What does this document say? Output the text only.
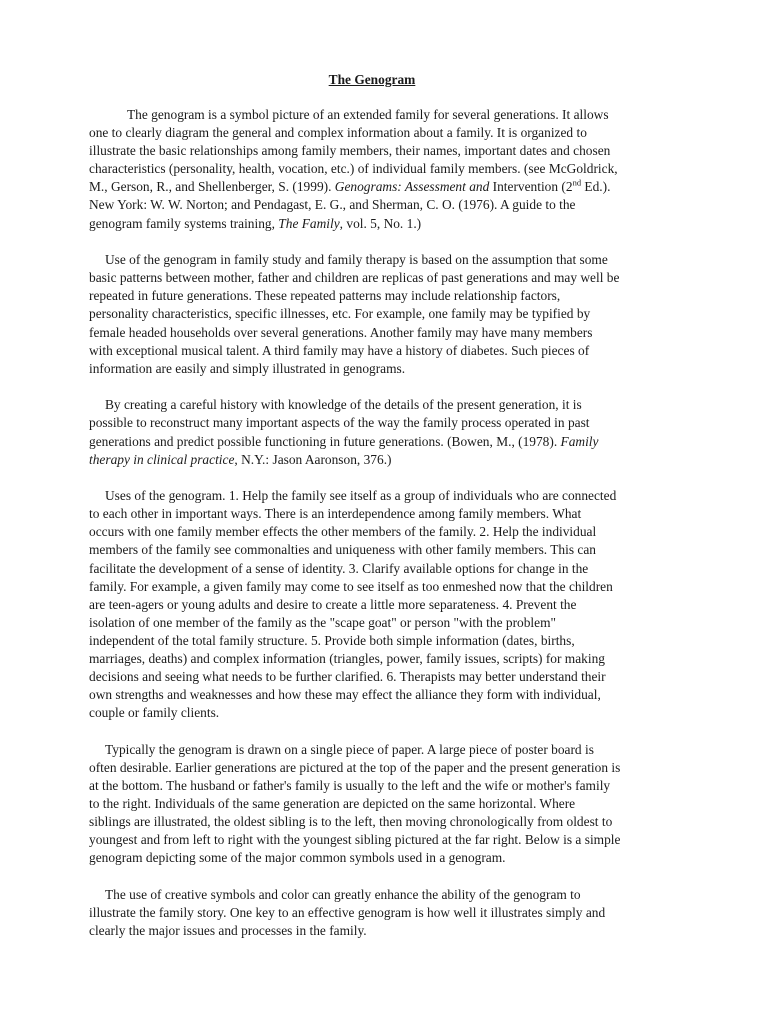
The Genogram
The genogram is a symbol picture of an extended family for several generations. It allows
one to clearly diagram the general and complex information about a family. It is organized to
illustrate the basic relationships among family members, their names, important dates and chosen
characteristics (personality, health, vocation, etc.) of individual family members. (see McGoldrick,
M., Gerson, R., and Shellenberger, S. (1999). Genograms: Assessment and Intervention (2nd Ed.).
New York: W. W. Norton; and Pendagast, E. G., and Sherman, C. O. (1976). A guide to the
genogram family systems training, The Family, vol. 5, No. 1.)
Use of the genogram in family study and family therapy is based on the assumption that some
basic patterns between mother, father and children are replicas of past generations and may well be
repeated in future generations. These repeated patterns may include relationship factors,
personality characteristics, specific illnesses, etc. For example, one family may be typified by
female headed households over several generations. Another family may have many members
with exceptional musical talent. A third family may have a history of diabetes. Such pieces of
information are easily and simply illustrated in genograms.
By creating a careful history with knowledge of the details of the present generation, it is
possible to reconstruct many important aspects of the way the family process operated in past
generations and predict possible functioning in future generations. (Bowen, M., (1978). Family
therapy in clinical practice, N.Y.: Jason Aaronson, 376.)
Uses of the genogram. 1. Help the family see itself as a group of individuals who are connected
to each other in important ways. There is an interdependence among family members. What
occurs with one family member effects the other members of the family. 2. Help the individual
members of the family see commonalties and uniqueness with other family members. This can
facilitate the development of a sense of identity. 3. Clarify available options for change in the
family. For example, a given family may come to see itself as too enmeshed now that the children
are teen-agers or young adults and desire to create a little more separateness. 4. Prevent the
isolation of one member of the family as the "scape goat" or person "with the problem"
independent of the total family structure. 5. Provide both simple information (dates, births,
marriages, deaths) and complex information (triangles, power, family issues, scripts) for making
decisions and seeing what needs to be further clarified. 6. Therapists may better understand their
own strengths and weaknesses and how these may effect the alliance they form with individual,
couple or family clients.
Typically the genogram is drawn on a single piece of paper. A large piece of poster board is
often desirable. Earlier generations are pictured at the top of the paper and the present generation is
at the bottom. The husband or father's family is usually to the left and the wife or mother's family
to the right. Individuals of the same generation are depicted on the same horizontal. Where
siblings are illustrated, the oldest sibling is to the left, then moving chronologically from oldest to
youngest and from left to right with the youngest sibling pictured at the far right. Below is a simple
genogram depicting some of the major common symbols used in a genogram.
The use of creative symbols and color can greatly enhance the ability of the genogram to
illustrate the family story. One key to an effective genogram is how well it illustrates simply and
clearly the major issues and processes in the family.
